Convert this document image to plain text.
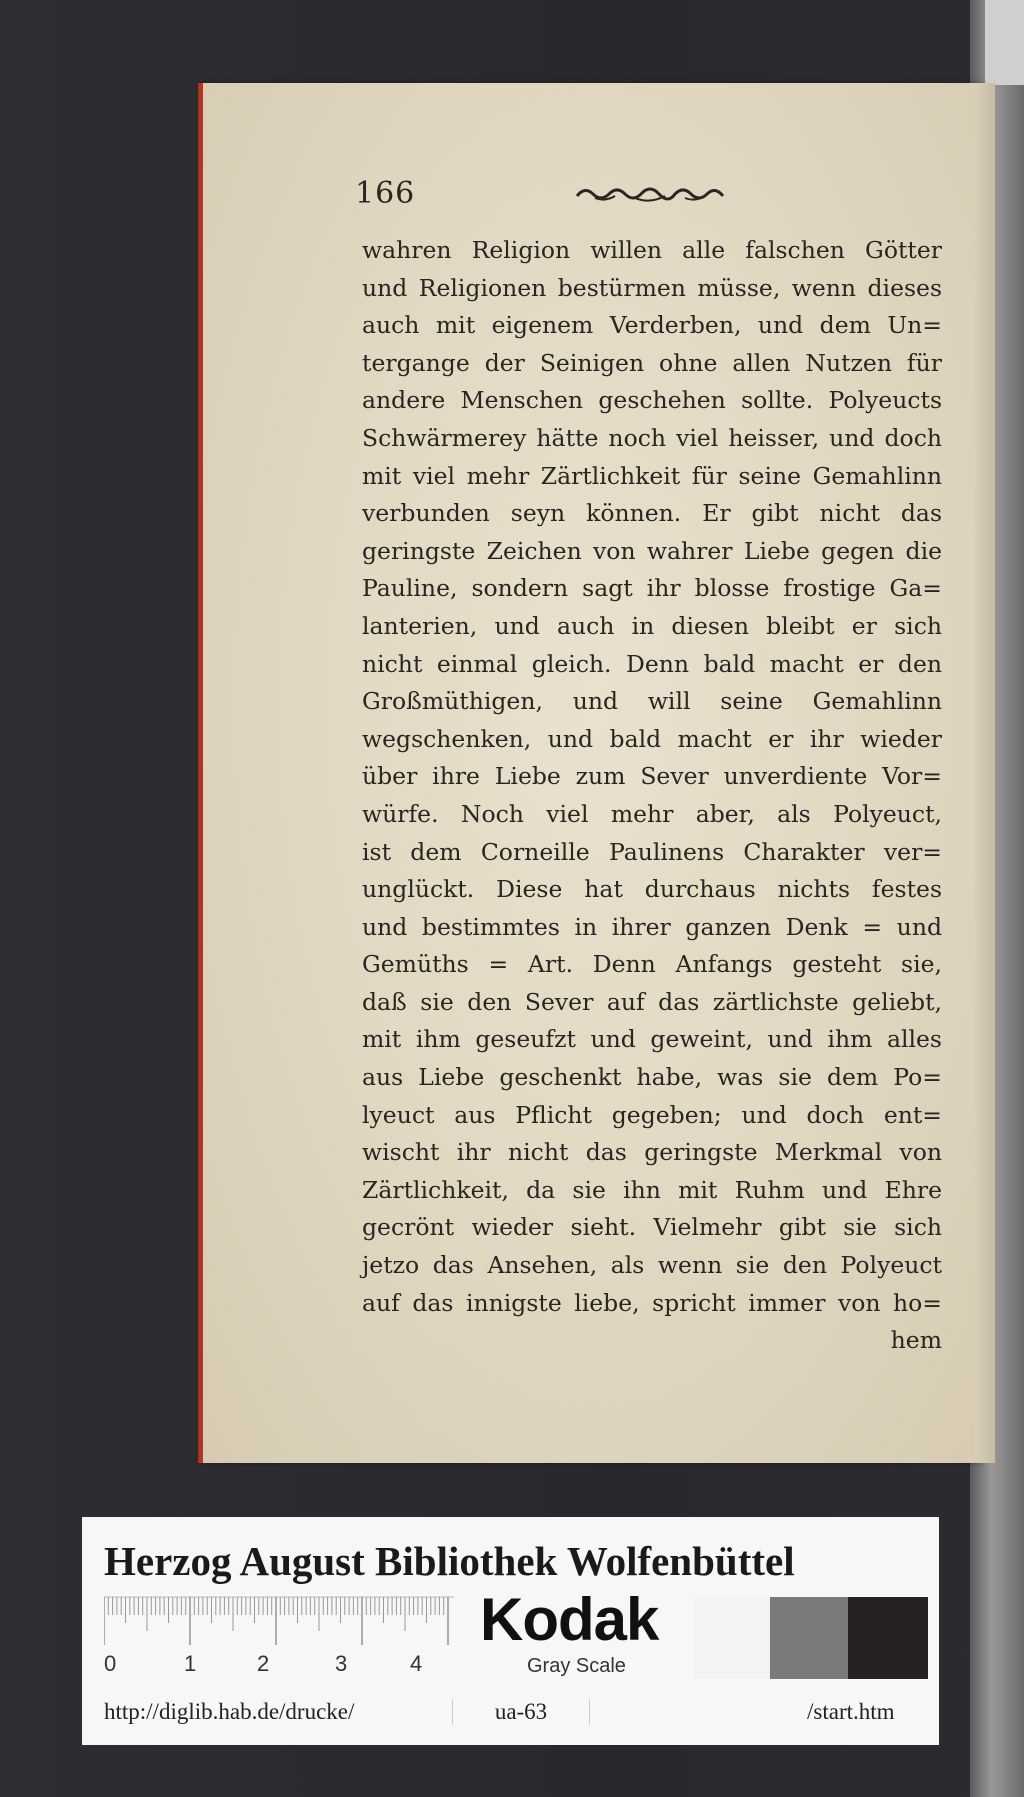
166
wahren Religion willen alle falschen Götter
und Religionen bestürmen müsse, wenn dieses
auch mit eigenem Verderben, und dem Un=
tergange der Seinigen ohne allen Nutzen für
andere Menschen geschehen sollte. Polyeucts
Schwärmerey hätte noch viel heisser, und doch
mit viel mehr Zärtlichkeit für seine Gemahlinn
verbunden seyn können. Er gibt nicht das
geringste Zeichen von wahrer Liebe gegen die
Pauline, sondern sagt ihr blosse frostige Ga=
lanterien, und auch in diesen bleibt er sich
nicht einmal gleich. Denn bald macht er den
Großmüthigen, und will seine Gemahlinn
wegschenken, und bald macht er ihr wieder
über ihre Liebe zum Sever unverdiente Vor=
würfe. Noch viel mehr aber, als Polyeuct,
ist dem Corneille Paulinens Charakter ver=
unglückt. Diese hat durchaus nichts festes
und bestimmtes in ihrer ganzen Denk = und
Gemüths = Art. Denn Anfangs gesteht sie,
daß sie den Sever auf das zärtlichste geliebt,
mit ihm geseufzt und geweint, und ihm alles
aus Liebe geschenkt habe, was sie dem Po=
lyeuct aus Pflicht gegeben; und doch ent=
wischt ihr nicht das geringste Merkmal von
Zärtlichkeit, da sie ihn mit Ruhm und Ehre
gecrönt wieder sieht. Vielmehr gibt sie sich
jetzo das Ansehen, als wenn sie den Polyeuct
auf das innigste liebe, spricht immer von ho=
hem
Herzog August Bibliothek Wolfenbüttel
0	1	2	3	4
Kodak
Gray Scale
http://diglib.hab.de/drucke/	ua-63	/start.htm
